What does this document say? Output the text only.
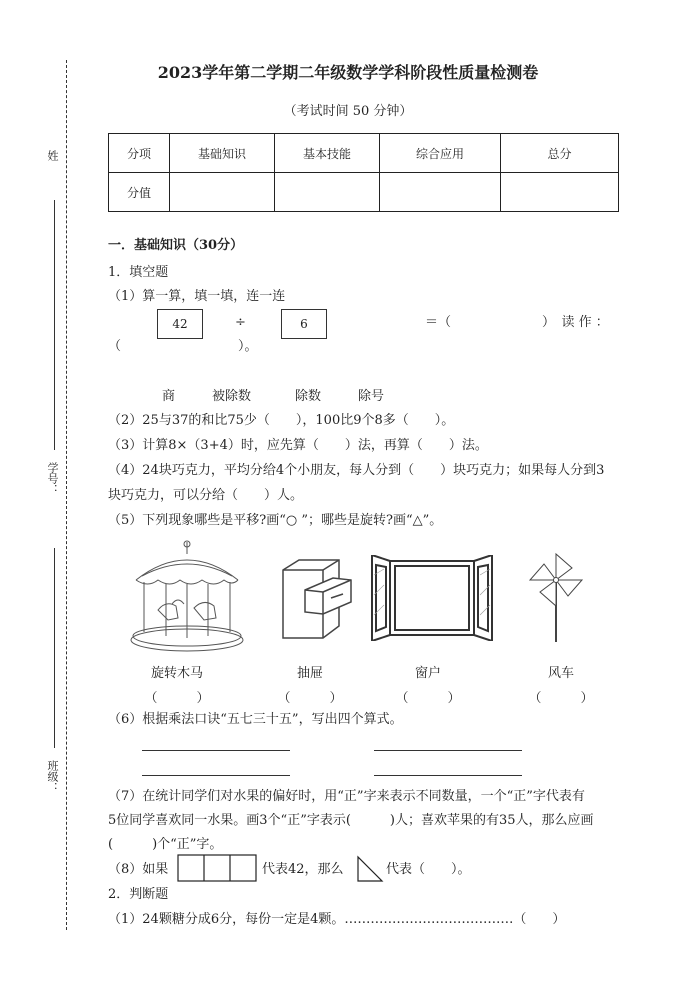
姓
学号：
班级：
2023学年第二学期二年级数学学科阶段性质量检测卷
（考试时间 50 分钟）
分项	基础知识	基本技能	综合应用	总分
分值				
一．基础知识（30分）
1．填空题
（1）算一算，填一填，连一连
42	÷	6	＝（　　　　　　　）　读 作 ：
（　　　　　　　　　）。
商	被除数	除数	除号
（2）25与37的和比75少（　　），100比9个8多（　　）。
（3）计算8×（3+4）时，应先算（　　）法，再算（　　）法。
（4）24块巧克力，平均分给4个小朋友，每人分到（　　）块巧克力；如果每人分到3
块巧克力，可以分给（　　）人。
（5）下列现象哪些是平移?画“○ ”；哪些是旋转?画“△”。
旋转木马	抽屉	窗户	风车
（　　　）	（　　　）	（　　　）	（　　　）
（6）根据乘法口诀“五七三十五”，写出四个算式。
（7）在统计同学们对水果的偏好时，用“正”字来表示不同数量，一个“正”字代表有
5位同学喜欢同一水果。画3个“正”字表示(　　　)人；喜欢苹果的有35人，那么应画
(　　　)个“正”字。
（8）如果	代表42，那么	代表（　　）。
2．判断题
（1）24颗糖分成6分，每份一定是4颗。…………………………………（　　）
